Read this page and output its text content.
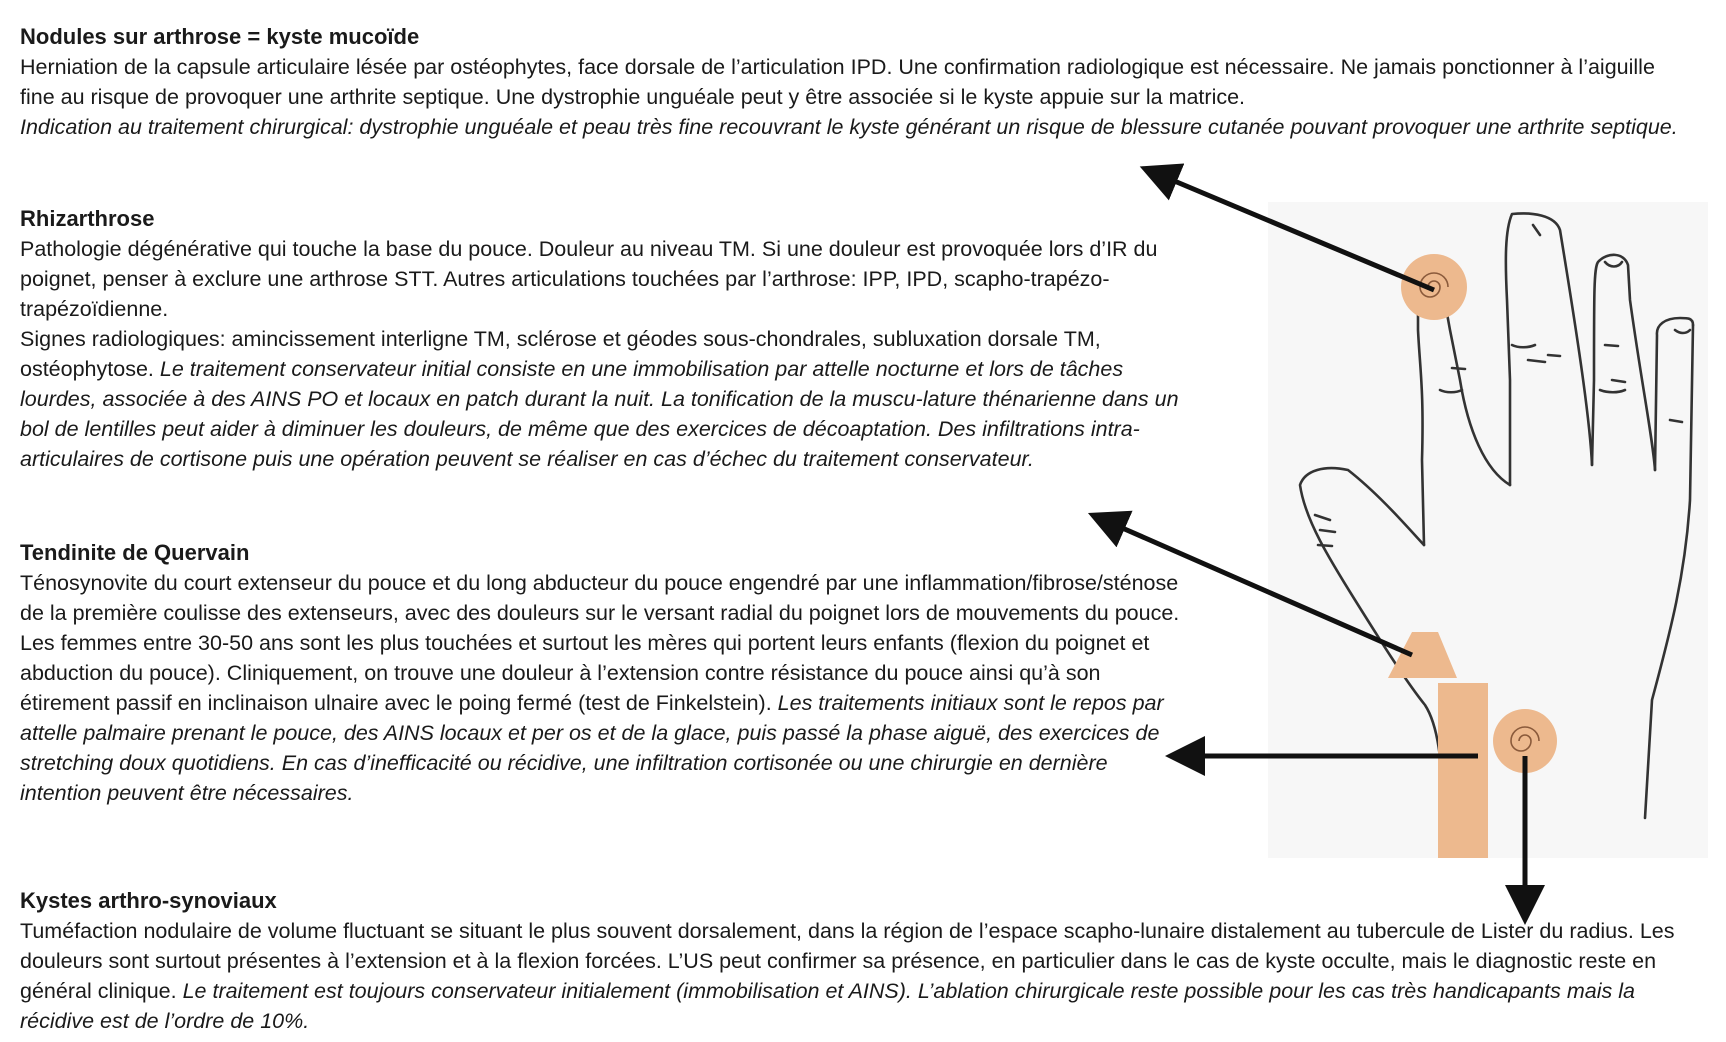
Nodules sur arthrose = kyste mucoïde

Herniation de la capsule articulaire lésée par ostéophytes, face dorsale de l’articulation IPD. Une confirmation radiologique est nécessaire. Ne jamais ponctionner à l’aiguille fine au risque de provoquer une arthrite septique. Une dystrophie unguéale peut y être associée si le kyste appuie sur la matrice.
Indication au traitement chirurgical: dystrophie unguéale et peau très fine recouvrant le kyste générant un risque de blessure cutanée pouvant provoquer une arthrite septique.

Rhizarthrose

Pathologie dégénérative qui touche la base du pouce. Douleur au niveau TM. Si une douleur est provoquée lors d’IR du poignet, penser à exclure une arthrose STT. Autres articulations touchées par l’arthrose: IPP, IPD, scapho-trapézo-trapézoïdienne.
Signes radiologiques: amincissement interligne TM, sclérose et géodes sous-chondrales, subluxation dorsale TM, ostéophytose. Le traitement conservateur initial consiste en une immobilisation par attelle nocturne et lors de tâches lourdes, associée à des AINS PO et locaux en patch durant la nuit. La tonification de la muscu-lature thénarienne dans un bol de lentilles peut aider à diminuer les douleurs, de même que des exercices de décoaptation. Des infiltrations intra-articulaires de cortisone puis une opération peuvent se réaliser en cas d’échec du traitement conservateur.

Tendinite de Quervain

Ténosynovite du court extenseur du pouce et du long abducteur du pouce engendré par une inflammation/fibrose/sténose de la première coulisse des extenseurs, avec des douleurs sur le versant radial du poignet lors de mouvements du pouce. Les femmes entre 30-50 ans sont les plus touchées et surtout les mères qui portent leurs enfants (flexion du poignet et abduction du pouce). Cliniquement, on trouve une douleur à l’extension contre résistance du pouce ainsi qu’à son étirement passif en inclinaison ulnaire avec le poing fermé (test de Finkelstein). Les traitements initiaux sont le repos par attelle palmaire prenant le pouce, des AINS locaux et per os et de la glace, puis passé la phase aiguë, des exercices de stretching doux quotidiens. En cas d’inefficacité ou récidive, une infiltration cortisonée ou une chirurgie en dernière intention peuvent être nécessaires.

Kystes arthro-synoviaux

Tuméfaction nodulaire de volume fluctuant se situant le plus souvent dorsalement, dans la région de l’espace scapho-lunaire distalement au tubercule de Lister du radius. Les douleurs sont surtout présentes à l’extension et à la flexion forcées. L’US peut confirmer sa présence, en particulier dans le cas de kyste occulte, mais le diagnostic reste en général clinique. Le traitement est toujours conservateur initialement (immobilisation et AINS). L’ablation chirurgicale reste possible pour les cas très handicapants mais la récidive est de l’ordre de 10%.
